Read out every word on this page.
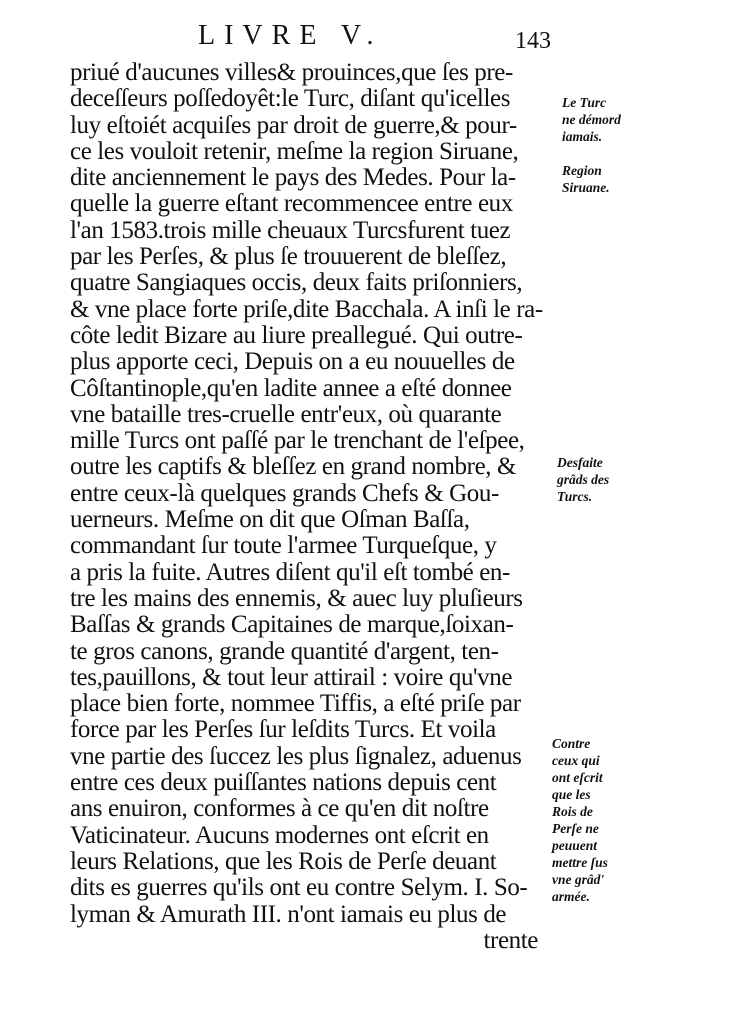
LIVRE V.	143
priué d'aucunes villes& prouinces,que ſes pre-
deceſſeurs poſſedoyêt:le Turc, diſant qu'icelles
luy eſtoiét acquiſes par droit de guerre,& pour-
ce les vouloit retenir, meſme la region Siruane,
dite anciennement le pays des Medes. Pour la-
quelle la guerre eſtant recommencee entre eux
l'an 1583.trois mille cheuaux Turcsfurent tuez
par les Perſes, & plus ſe trouuerent de bleſſez,
quatre Sangiaques occis, deux faits priſonniers,
& vne place forte priſe,dite Bacchala. A inſi le ra-
côte ledit Bizare au liure preallegué. Qui outre-
plus apporte ceci, Depuis on a eu nouuelles de
Côſtantinople,qu'en ladite annee a eſté donnee
vne bataille tres-cruelle entr'eux, où quarante
mille Turcs ont paſſé par le trenchant de l'eſpee,
outre les captifs & bleſſez en grand nombre, &
entre ceux-là quelques grands Chefs & Gou-
uerneurs. Meſme on dit que Oſman Baſſa,
commandant ſur toute l'armee Turqueſque, y
a pris la fuite. Autres diſent qu'il eſt tombé en-
tre les mains des ennemis, & auec luy pluſieurs
Baſſas & grands Capitaines de marque,ſoixan-
te gros canons, grande quantité d'argent, ten-
tes,pauillons, & tout leur attirail : voire qu'vne
place bien forte, nommee Tiffis, a eſté priſe par
force par les Perſes ſur leſdits Turcs. Et voila
vne partie des ſuccez les plus ſignalez, aduenus
entre ces deux puiſſantes nations depuis cent
ans enuiron, conformes à ce qu'en dit noſtre
Vaticinateur. Aucuns modernes ont eſcrit en
leurs Relations, que les Rois de Perſe deuant
dits es guerres qu'ils ont eu contre Selym. I. So-
lyman & Amurath III. n'ont iamais eu plus de
trente
Le Turc
ne démord
iamais.
Region
Siruane.
Desfaite
grâds des
Turcs.
Contre
ceux qui
ont eſcrit
que les
Rois de
Perſe ne
peuuent
mettre ſus
vne grâd'
armée.
